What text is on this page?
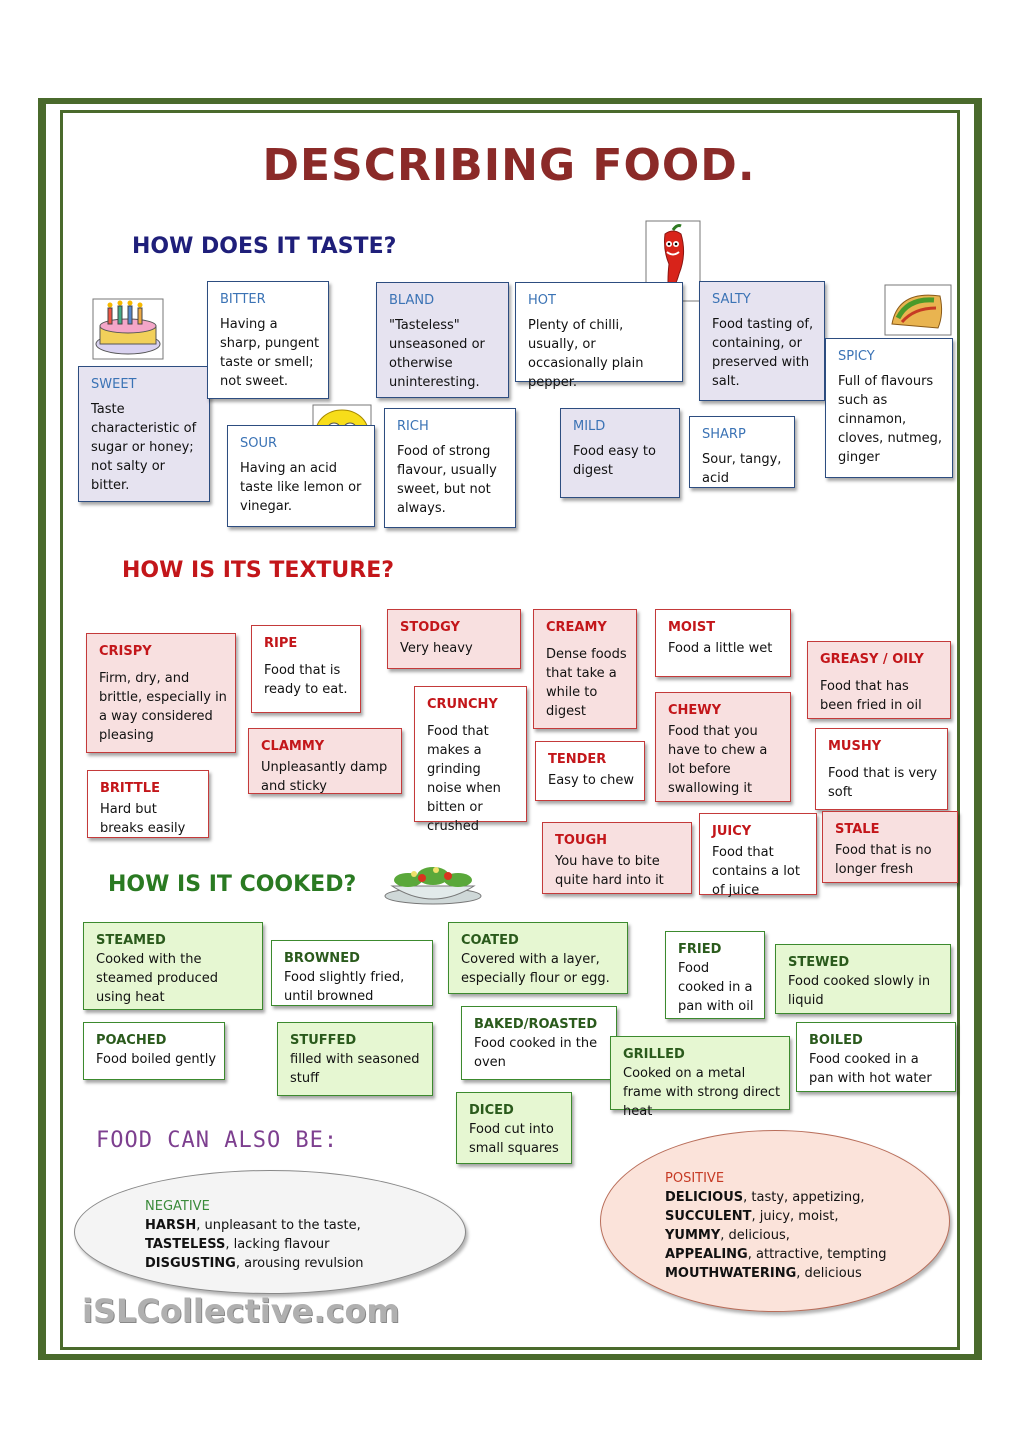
DESCRIBING FOOD.
HOW DOES IT TASTE?
HOW IS ITS TEXTURE?
HOW IS IT COOKED?
SWEET
Taste characteristic of sugar or honey; not salty or bitter.
BITTER
Having a sharp, pungent taste or smell; not sweet.
SOUR
Having an acid taste like lemon or vinegar.
BLAND
"Tasteless" unseasoned or otherwise uninteresting.
RICH
Food of strong flavour, usually sweet, but not always.
HOT
Plenty of chilli, usually, or occasionally plain pepper.
MILD
Food easy to digest
SALTY
Food tasting of, containing, or preserved with salt.
SHARP
Sour, tangy, acid
SPICY
Full of flavours such as cinnamon, cloves, nutmeg, ginger
CRISPY
Firm, dry, and brittle, especially in a way considered pleasing
RIPE
Food that is ready to eat.
STODGY
Very heavy
CREAMY
Dense foods that take a while to digest
MOIST
Food a little wet
GREASY / OILY
Food that has been fried in oil
CRUNCHY
Food that makes a grinding noise when bitten or crushed
CLAMMY
Unpleasantly damp and sticky
CHEWY
Food that you have to chew a lot before swallowing it
TENDER
Easy to chew
MUSHY
Food that is very soft
BRITTLE
Hard but breaks easily
TOUGH
You have to bite quite hard into it
JUICY
Food that contains a lot of juice
STALE
Food that is no longer fresh
STEAMED
Cooked with the steamed produced using heat
BROWNED
Food slightly fried, until browned
COATED
Covered with a layer, especially flour or egg.
FRIED
Food cooked in a pan with oil
STEWED
Food cooked slowly in liquid
POACHED
Food boiled gently
STUFFED
filled with seasoned stuff
BAKED/ROASTED
Food cooked in the oven
GRILLED
Cooked on a metal frame with strong direct heat
BOILED
Food cooked in a pan with hot water
DICED
Food cut into small squares
FOOD CAN ALSO BE:
NEGATIVE
HARSH, unpleasant to the taste,
TASTELESS, lacking flavour
DISGUSTING, arousing revulsion
POSITIVE
DELICIOUS, tasty, appetizing,
SUCCULENT, juicy, moist,
YUMMY, delicious,
APPEALING, attractive, tempting
MOUTHWATERING, delicious
iSLCollective.com
